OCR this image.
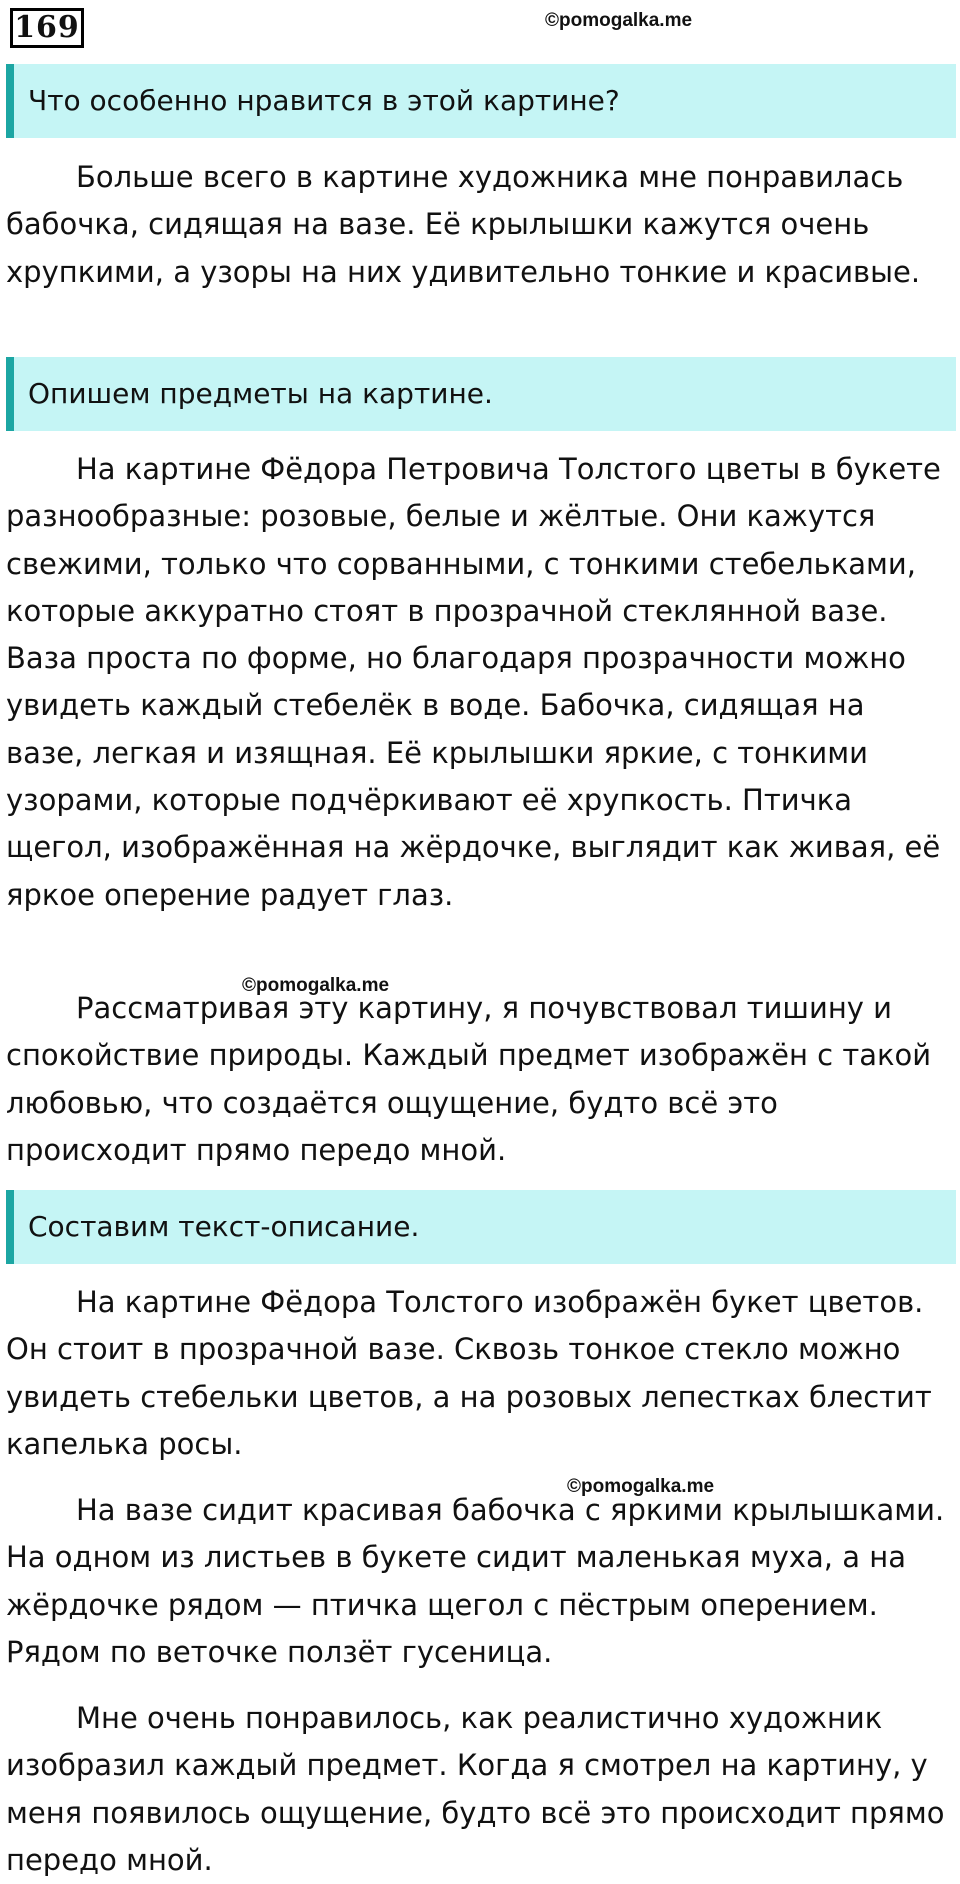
169	©pomogalka.me
Что особенно нравится в этой картине?

Больше всего в картине художника мне понравилась бабочка, сидящая на вазе. Её крылышки кажутся очень хрупкими, а узоры на них удивительно тонкие и красивые.

Опишем предметы на картине.

На картине Фёдора Петровича Толстого цветы в букете разнообразные: розовые, белые и жёлтые. Они кажутся свежими, только что сорванными, с тонкими стебельками, которые аккуратно стоят в прозрачной стеклянной вазе. Ваза проста по форме, но благодаря прозрачности можно увидеть каждый стебелёк в воде. Бабочка, сидящая на вазе, легкая и изящная. Её крылышки яркие, с тонкими узорами, которые подчёркивают её хрупкость. Птичка щегол, изображённая на жёрдочке, выглядит как живая, её яркое оперение радует глаз.

Рассматривая эту картину, я почувствовал тишину и спокойствие природы. Каждый предмет изображён с такой любовью, что создаётся ощущение, будто всё это происходит прямо передо мной.

©pomogalka.me
Составим текст-описание.

На картине Фёдора Толстого изображён букет цветов. Он стоит в прозрачной вазе. Сквозь тонкое стекло можно увидеть стебельки цветов, а на розовых лепестках блестит капелька росы.

На вазе сидит красивая бабочка с яркими крылышками. На одном из листьев в букете сидит маленькая муха, а на жёрдочке рядом — птичка щегол с пёстрым оперением. Рядом по веточке ползёт гусеница.

©pomogalka.me

Мне очень понравилось, как реалистично художник изобразил каждый предмет. Когда я смотрел на картину, у меня появилось ощущение, будто всё это происходит прямо передо мной.
